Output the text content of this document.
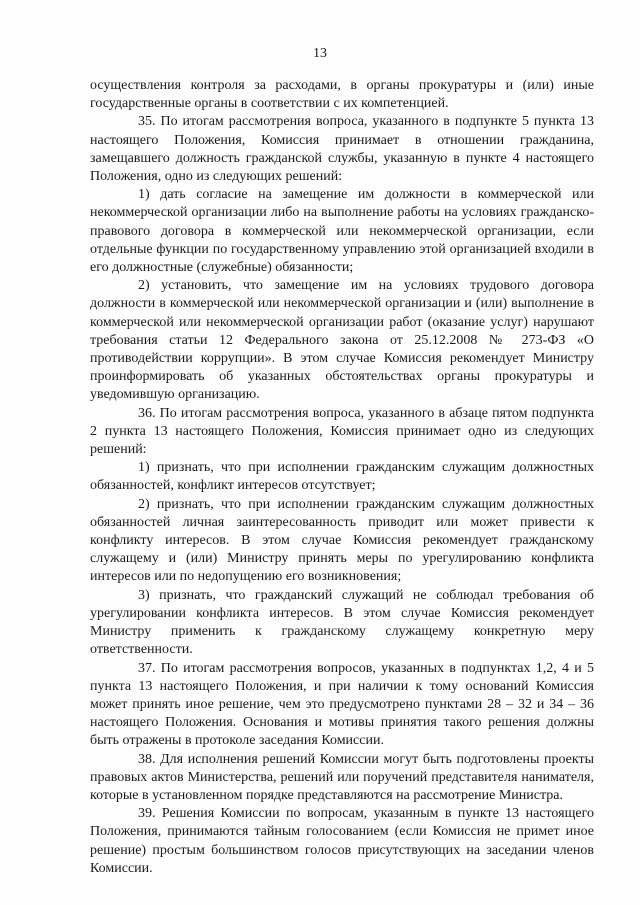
13

осуществления контроля за расходами, в органы прокуратуры и (или) иные государственные органы в соответствии с их компетенцией.

35. По итогам рассмотрения вопроса, указанного в подпункте 5 пункта 13 настоящего Положения, Комиссия принимает в отношении гражданина, замещавшего должность гражданской службы, указанную в пункте 4 настоящего Положения, одно из следующих решений:

1) дать согласие на замещение им должности в коммерческой или некоммерческой организации либо на выполнение работы на условиях гражданско-правового договора в коммерческой или некоммерческой организации, если отдельные функции по государственному управлению этой организацией входили в его должностные (служебные) обязанности;

2) установить, что замещение им на условиях трудового договора должности в коммерческой или некоммерческой организации и (или) выполнение в коммерческой или некоммерческой организации работ (оказание услуг) нарушают требования статьи 12 Федерального закона от 25.12.2008 № 273-ФЗ «О противодействии коррупции». В этом случае Комиссия рекомендует Министру проинформировать об указанных обстоятельствах органы прокуратуры и уведомившую организацию.

36. По итогам рассмотрения вопроса, указанного в абзаце пятом подпункта 2 пункта 13 настоящего Положения, Комиссия принимает одно из следующих решений:

1) признать, что при исполнении гражданским служащим должностных обязанностей, конфликт интересов отсутствует;

2) признать, что при исполнении гражданским служащим должностных обязанностей личная заинтересованность приводит или может привести к конфликту интересов. В этом случае Комиссия рекомендует гражданскому служащему и (или) Министру принять меры по урегулированию конфликта интересов или по недопущению его возникновения;

3) признать, что гражданский служащий не соблюдал требования об урегулировании конфликта интересов. В этом случае Комиссия рекомендует Министру применить к гражданскому служащему конкретную меру ответственности.

37. По итогам рассмотрения вопросов, указанных в подпунктах 1,2, 4 и 5 пункта 13 настоящего Положения, и при наличии к тому оснований Комиссия может принять иное решение, чем это предусмотрено пунктами 28 – 32 и 34 – 36 настоящего Положения. Основания и мотивы принятия такого решения должны быть отражены в протоколе заседания Комиссии.

38. Для исполнения решений Комиссии могут быть подготовлены проекты правовых актов Министерства, решений или поручений представителя нанимателя, которые в установленном порядке представляются на рассмотрение Министра.

39. Решения Комиссии по вопросам, указанным в пункте 13 настоящего Положения, принимаются тайным голосованием (если Комиссия не примет иное решение) простым большинством голосов присутствующих на заседании членов Комиссии.
